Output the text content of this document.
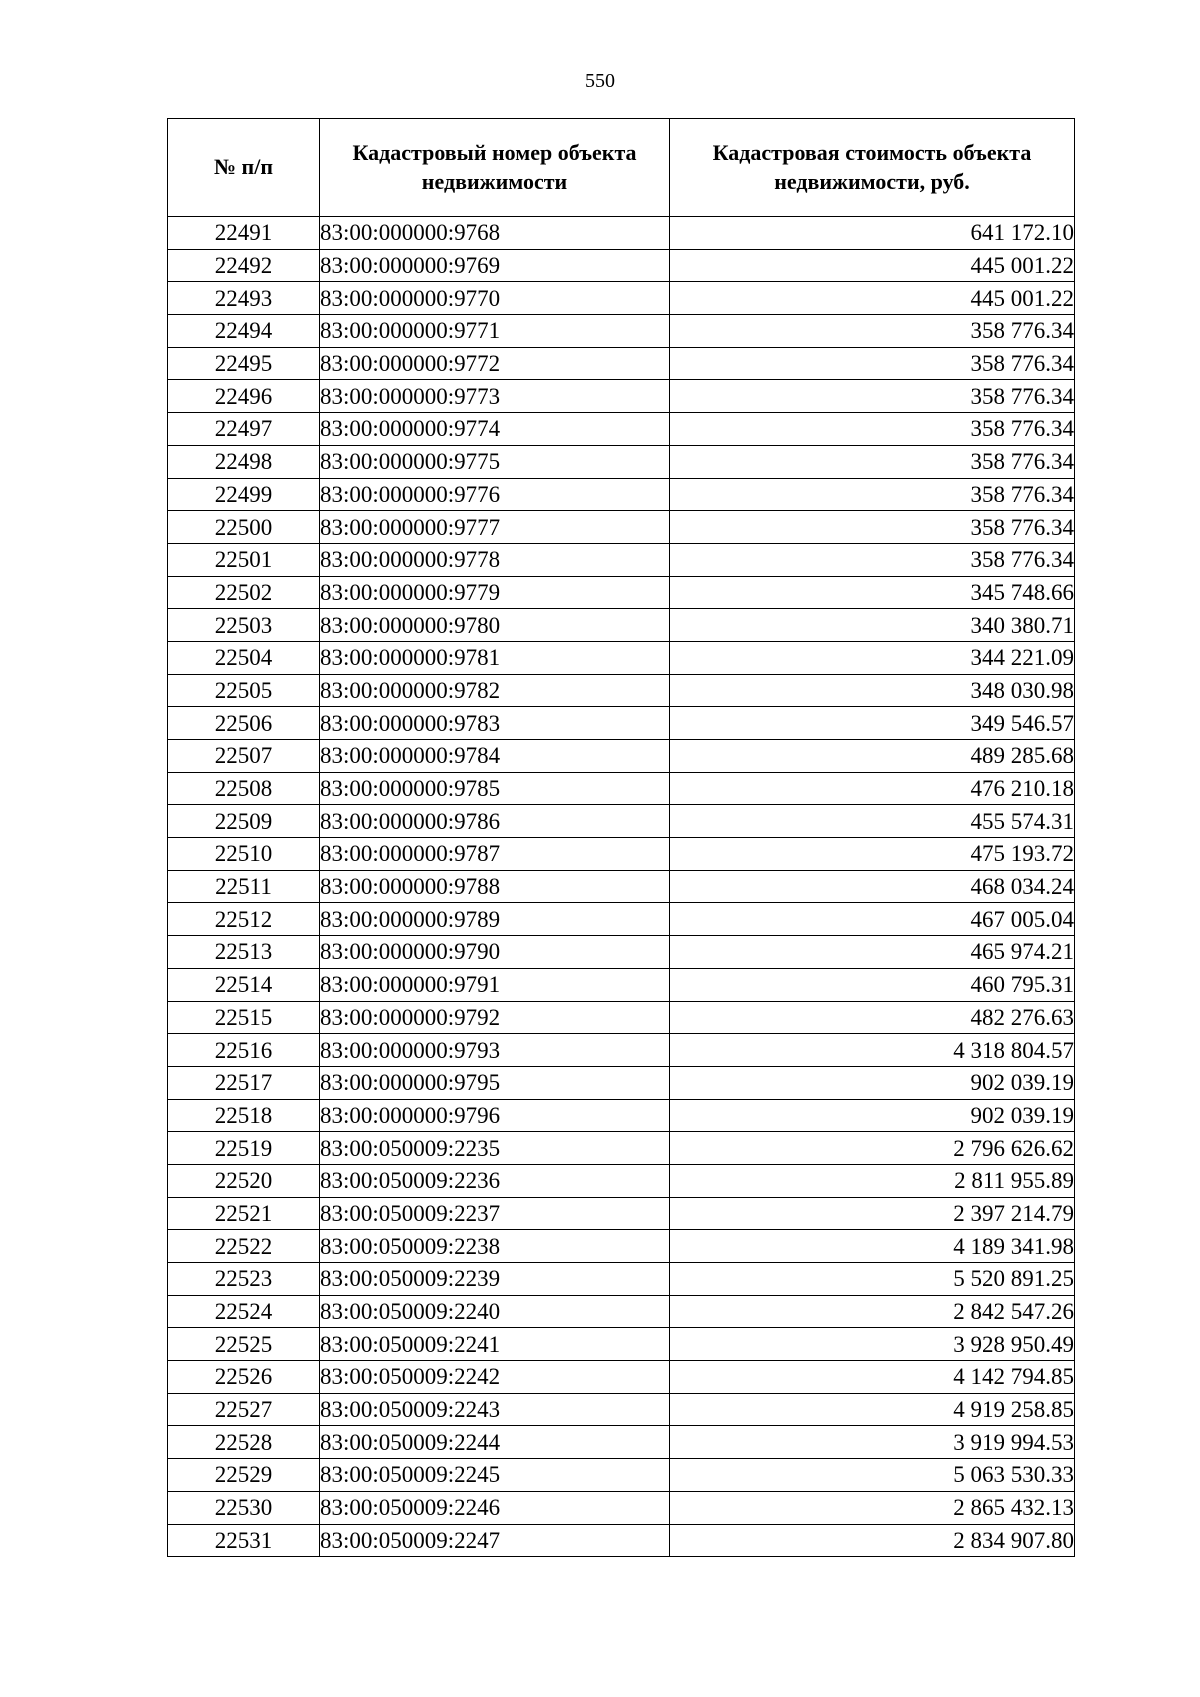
550
№ п/п	Кадастровый номер объекта недвижимости	Кадастровая стоимость объекта недвижимости, руб.
22491	83:00:000000:9768	641 172.10
22492	83:00:000000:9769	445 001.22
22493	83:00:000000:9770	445 001.22
22494	83:00:000000:9771	358 776.34
22495	83:00:000000:9772	358 776.34
22496	83:00:000000:9773	358 776.34
22497	83:00:000000:9774	358 776.34
22498	83:00:000000:9775	358 776.34
22499	83:00:000000:9776	358 776.34
22500	83:00:000000:9777	358 776.34
22501	83:00:000000:9778	358 776.34
22502	83:00:000000:9779	345 748.66
22503	83:00:000000:9780	340 380.71
22504	83:00:000000:9781	344 221.09
22505	83:00:000000:9782	348 030.98
22506	83:00:000000:9783	349 546.57
22507	83:00:000000:9784	489 285.68
22508	83:00:000000:9785	476 210.18
22509	83:00:000000:9786	455 574.31
22510	83:00:000000:9787	475 193.72
22511	83:00:000000:9788	468 034.24
22512	83:00:000000:9789	467 005.04
22513	83:00:000000:9790	465 974.21
22514	83:00:000000:9791	460 795.31
22515	83:00:000000:9792	482 276.63
22516	83:00:000000:9793	4 318 804.57
22517	83:00:000000:9795	902 039.19
22518	83:00:000000:9796	902 039.19
22519	83:00:050009:2235	2 796 626.62
22520	83:00:050009:2236	2 811 955.89
22521	83:00:050009:2237	2 397 214.79
22522	83:00:050009:2238	4 189 341.98
22523	83:00:050009:2239	5 520 891.25
22524	83:00:050009:2240	2 842 547.26
22525	83:00:050009:2241	3 928 950.49
22526	83:00:050009:2242	4 142 794.85
22527	83:00:050009:2243	4 919 258.85
22528	83:00:050009:2244	3 919 994.53
22529	83:00:050009:2245	5 063 530.33
22530	83:00:050009:2246	2 865 432.13
22531	83:00:050009:2247	2 834 907.80
